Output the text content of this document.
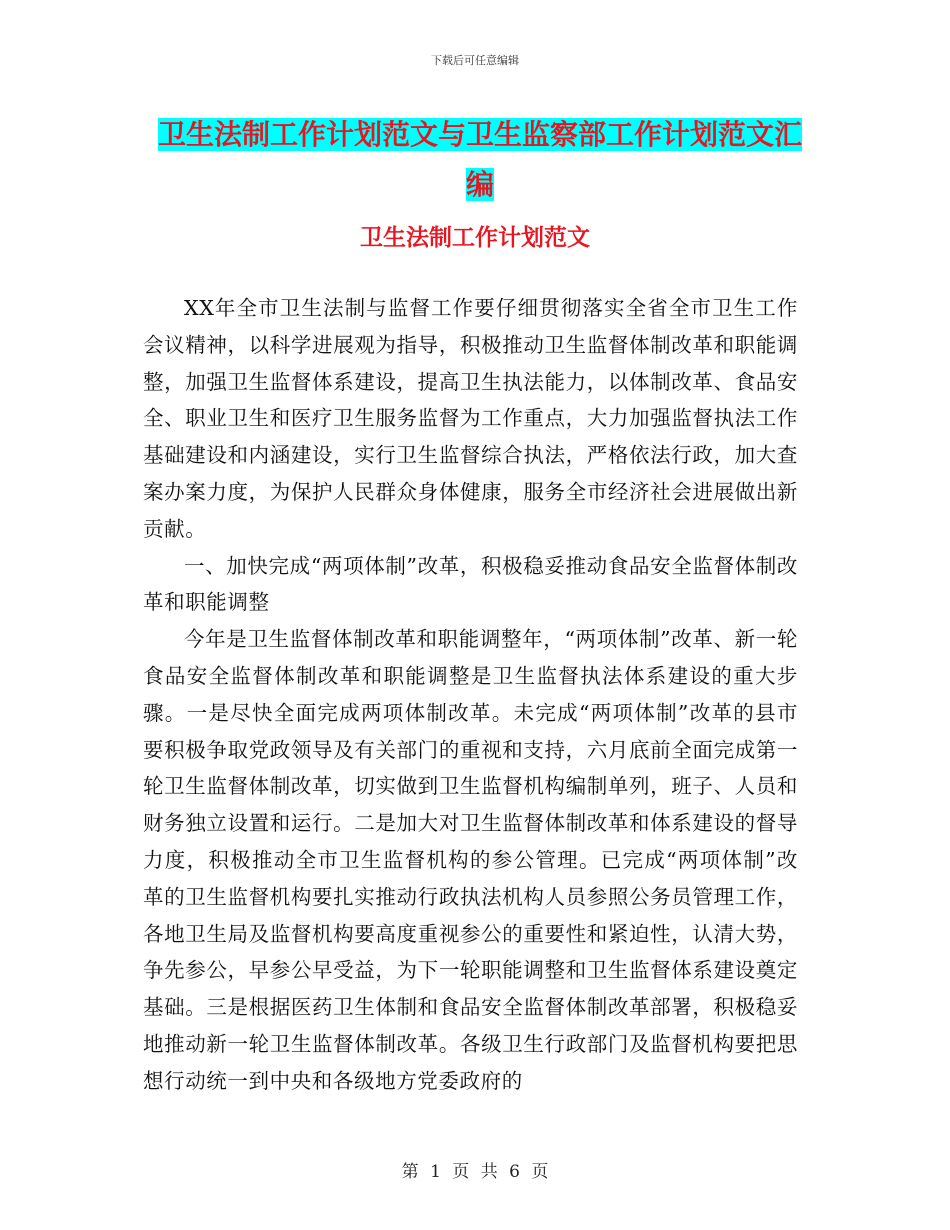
下载后可任意编辑
卫生法制工作计划范文与卫生监察部工作计划范文汇
编
卫生法制工作计划范文

XX年全市卫生法制与监督工作要仔细贯彻落实全省全市卫生工作会议精神，以科学进展观为指导，积极推动卫生监督体制改革和职能调整，加强卫生监督体系建设，提高卫生执法能力，以体制改革、食品安全、职业卫生和医疗卫生服务监督为工作重点，大力加强监督执法工作基础建设和内涵建设，实行卫生监督综合执法，严格依法行政，加大查案办案力度，为保护人民群众身体健康，服务全市经济社会进展做出新贡献。

一、加快完成“两项体制”改革，积极稳妥推动食品安全监督体制改革和职能调整

今年是卫生监督体制改革和职能调整年，“两项体制”改革、新一轮食品安全监督体制改革和职能调整是卫生监督执法体系建设的重大步骤。一是尽快全面完成两项体制改革。未完成“两项体制”改革的县市要积极争取党政领导及有关部门的重视和支持，六月底前全面完成第一轮卫生监督体制改革，切实做到卫生监督机构编制单列，班子、人员和财务独立设置和运行。二是加大对卫生监督体制改革和体系建设的督导力度，积极推动全市卫生监督机构的参公管理。已完成“两项体制”改革的卫生监督机构要扎实推动行政执法机构人员参照公务员管理工作，各地卫生局及监督机构要高度重视参公的重要性和紧迫性，认清大势，争先参公，早参公早受益，为下一轮职能调整和卫生监督体系建设奠定基础。三是根据医药卫生体制和食品安全监督体制改革部署，积极稳妥地推动新一轮卫生监督体制改革。各级卫生行政部门及监督机构要把思想行动统一到中央和各级地方党委政府的

第 1 页 共 6 页
